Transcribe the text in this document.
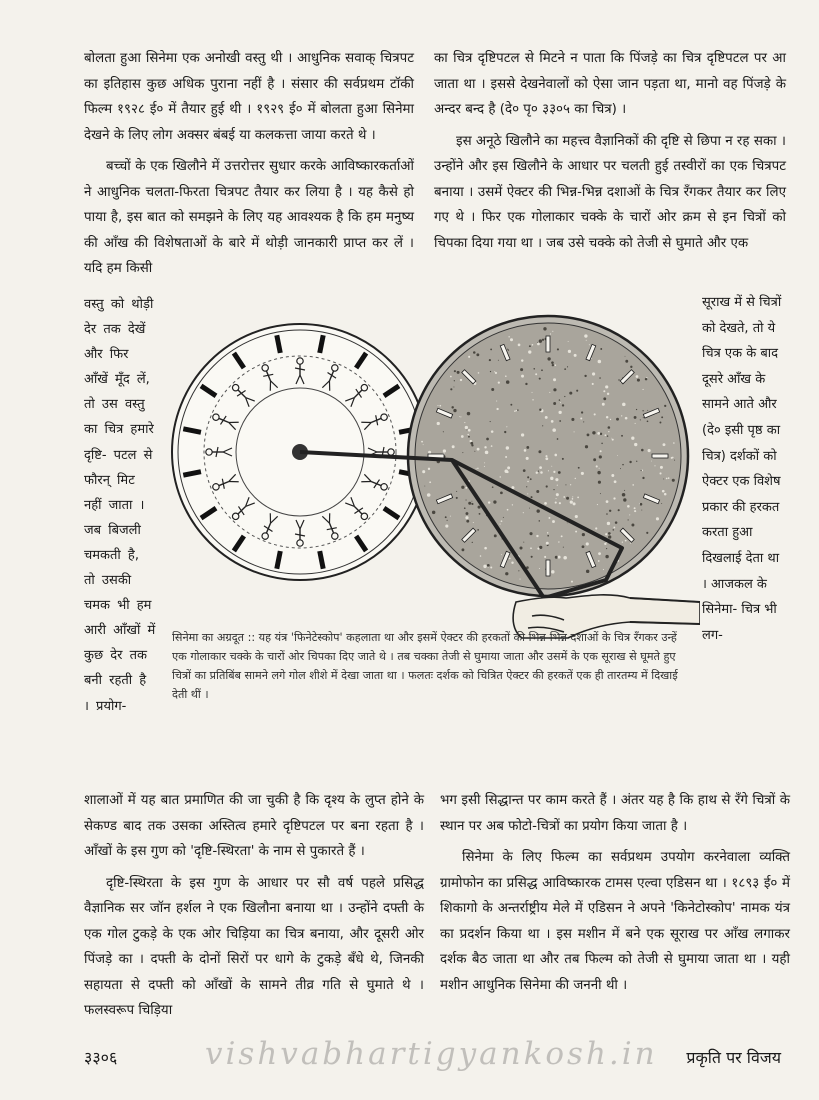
बोलता हुआ सिनेमा एक अनोखी वस्तु थी । आधुनिक सवाक् चित्रपट का इतिहास कुछ अधिक पुराना नहीं है । संसार की सर्वप्रथम टॉकी फिल्म १९२८ ई० में तैयार हुई थी । १९२९ ई० में बोलता हुआ सिनेमा देखने के लिए लोग अक्सर बंबई या कलकत्ता जाया करते थे ।

बच्चों के एक खिलौने में उत्तरोत्तर सुधार करके आविष्कारकर्ताओं ने आधुनिक चलता-फिरता चित्रपट तैयार कर लिया है । यह कैसे हो पाया है, इस बात को समझने के लिए यह आवश्यक है कि हम मनुष्य की आँख की विशेषताओं के बारे में थोड़ी जानकारी प्राप्त कर लें । यदि हम किसी

का चित्र दृष्टिपटल से मिटने न पाता कि पिंजड़े का चित्र दृष्टिपटल पर आ जाता था । इससे देखनेवालों को ऐसा जान पड़ता था, मानो वह पिंजड़े के अन्दर बन्द है (दे० पृ० ३३०५ का चित्र) ।

इस अनूठे खिलौने का महत्त्व वैज्ञानिकों की दृष्टि से छिपा न रह सका । उन्होंने और इस खिलौने के आधार पर चलती हुई तस्वीरों का एक चित्रपट बनाया । उसमें ऐक्टर की भिन्न-भिन्न दशाओं के चित्र रँगकर तैयार कर लिए गए थे । फिर एक गोलाकार चक्के के चारों ओर क्रम से इन चित्रों को चिपका दिया गया था । जब उसे चक्के को तेजी से घुमाते और एक

वस्तु को थोड़ी देर तक देखें और फिर आँखें मूँद लें, तो उस वस्तु का चित्र हमारे दृष्टि- पटल से फौरन् मिट नहीं जाता । जब बिजली चमकती है, तो उसकी चमक भी हम आरी आँखों में कुछ देर तक बनी रहती है । प्रयोग-
सूराख में से चित्रों को देखते, तो ये चित्र एक के बाद दूसरे आँख के सामने आते और (दे० इसी पृष्ठ का चित्र) दर्शकों को ऐक्टर एक विशेष प्रकार की हरकत करता हुआ दिखलाई देता था । आजकल के सिनेमा- चित्र भी लग-
सिनेमा का अग्रदूत :: यह यंत्र 'फिनेटेस्कोप' कहलाता था और इसमें ऐक्टर की हरकतों की भिन्न-भिन्न दशाओं के चित्र रँगकर उन्हें एक गोलाकार चक्के के चारों ओर चिपका दिए जाते थे । तब चक्का तेजी से घुमाया जाता और उसमें के एक सूराख से घूमते हुए चित्रों का प्रतिबिंब सामने लगे गोल शीशे में देखा जाता था । फलतः दर्शक को चित्रित ऐक्टर की हरकतें एक ही तारतम्य में दिखाई देती थीं ।

शालाओं में यह बात प्रमाणित की जा चुकी है कि दृश्य के लुप्त होने के सेकण्ड बाद तक उसका अस्तित्व हमारे दृष्टिपटल पर बना रहता है । आँखों के इस गुण को 'दृष्टि-स्थिरता' के नाम से पुकारते हैं ।

दृष्टि-स्थिरता के इस गुण के आधार पर सौ वर्ष पहले प्रसिद्ध वैज्ञानिक सर जॉन हर्शल ने एक खिलौना बनाया था । उन्होंने दफ्ती के एक गोल टुकड़े के एक ओर चिड़िया का चित्र बनाया, और दूसरी ओर पिंजड़े का । दफ्ती के दोनों सिरों पर धागे के टुकड़े बँधे थे, जिनकी सहायता से दफ्ती को आँखों के सामने तीव्र गति से घुमाते थे । फलस्वरूप चिड़िया

भग इसी सिद्धान्त पर काम करते हैं । अंतर यह है कि हाथ से रँगे चित्रों के स्थान पर अब फोटो-चित्रों का प्रयोग किया जाता है ।

सिनेमा के लिए फिल्म का सर्वप्रथम उपयोग करनेवाला व्यक्ति ग्रामोफोन का प्रसिद्ध आविष्कारक टामस एल्वा एडिसन था । १८९३ ई० में शिकागो के अन्तर्राष्ट्रीय मेले में एडिसन ने अपने 'किनेटोस्कोप' नामक यंत्र का प्रदर्शन किया था । इस मशीन में बने एक सूराख पर आँख लगाकर दर्शक बैठ जाता था और तब फिल्म को तेजी से घुमाया जाता था । यही मशीन आधुनिक सिनेमा की जननी थी ।

३३०६	vishvabhartigyankosh.in प्रकृति पर विजय
